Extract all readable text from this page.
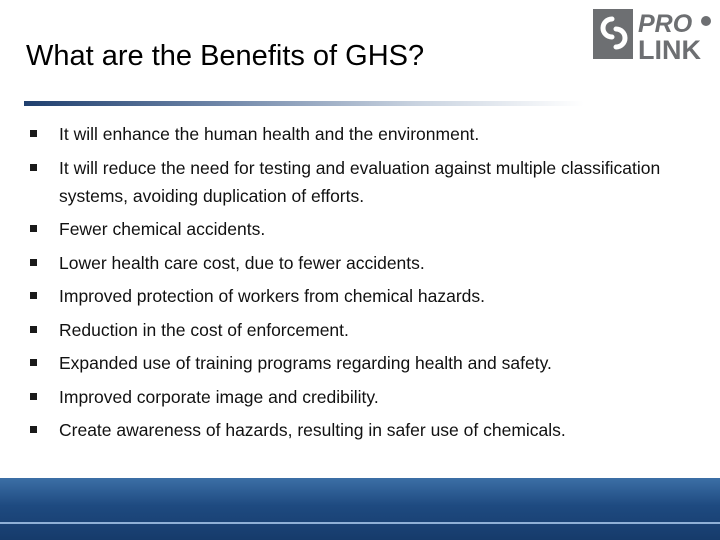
What are the Benefits of GHS?
PRO
LINK
It will enhance the human health and the environment.
It will reduce the need for testing and evaluation against multiple classification systems, avoiding duplication of efforts.
Fewer chemical accidents.
Lower health care cost, due to fewer accidents.
Improved protection of workers from chemical hazards.
Reduction in the cost of enforcement.
Expanded use of training programs regarding health and safety.
Improved corporate image and credibility.
Create awareness of hazards, resulting in safer use of chemicals.
